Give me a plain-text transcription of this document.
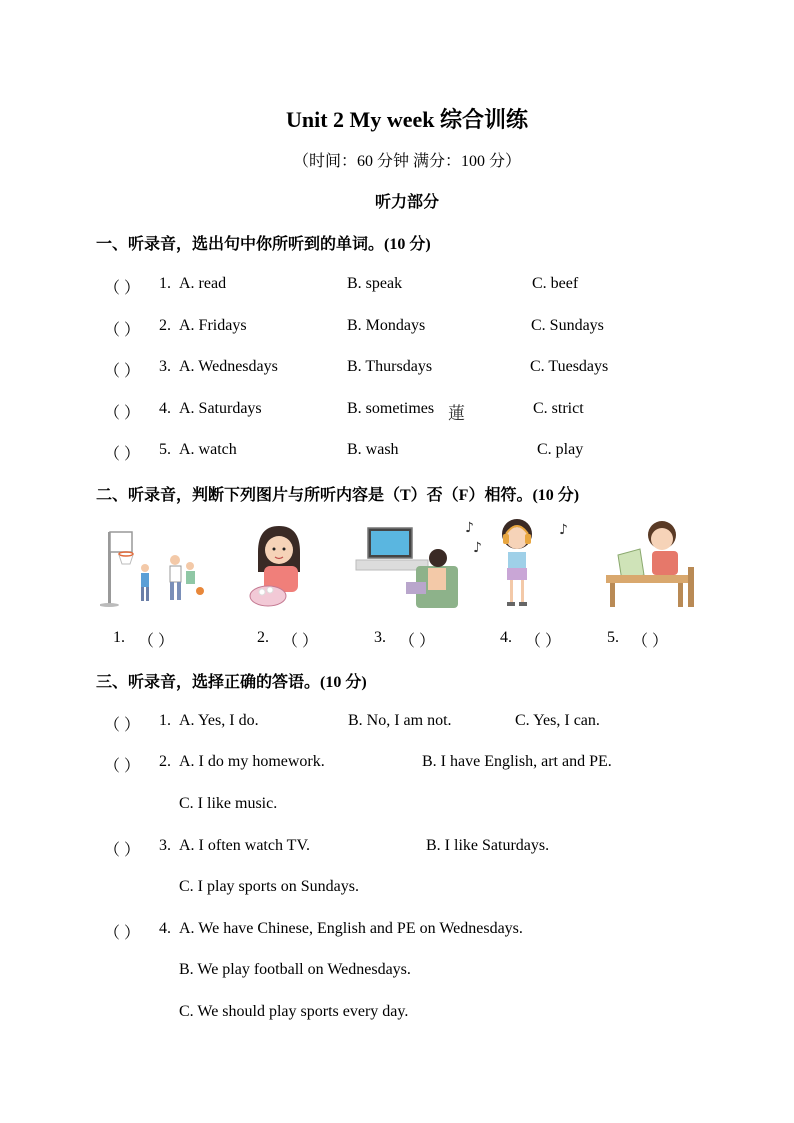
Unit 2 My week 综合训练
（时间：60 分钟 满分：100 分）
听力部分
一、听录音，选出句中你所听到的单词。(10 分)
（ ） 1. A. read	B. speak	C. beef
（ ） 2. A. Fridays	B. Mondays	C. Sundays
（ ） 3. A. Wednesdays	B. Thursdays	C. Tuesdays
（ ） 4. A. Saturdays	B. sometimes 蓮	C. strict
（ ） 5. A. watch	B. wash	C. play
二、听录音，判断下列图片与所听内容是（T）否（F）相符。(10 分)
♪
♪
♪
1. （ ）	2. （ ）	3. （ ）	4. （ ）	5. （ ）
三、听录音，选择正确的答语。(10 分)
（ ） 1. A. Yes, I do.	B. No, I am not.	C. Yes, I can.
（ ） 2. A. I do my homework.	B. I have English, art and PE.
C. I like music.
（ ） 3. A. I often watch TV.	B. I like Saturdays.
C. I play sports on Sundays.
（ ） 4. A. We have Chinese, English and PE on Wednesdays.
B. We play football on Wednesdays.
C. We should play sports every day.
